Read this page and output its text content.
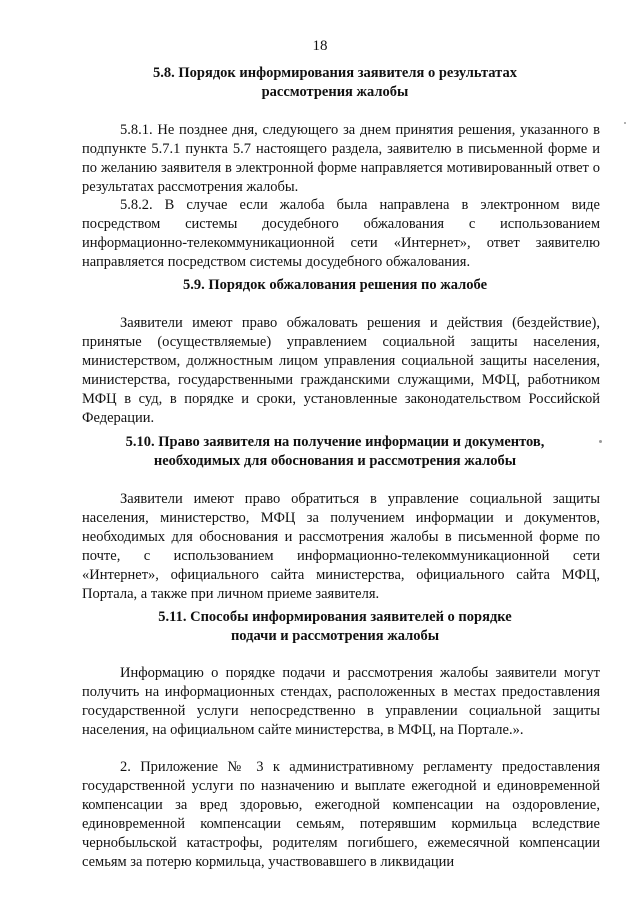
18
5.8. Порядок информирования заявителя о результатах
рассмотрения жалобы
5.8.1. Не позднее дня, следующего за днем принятия решения, указанного в подпункте 5.7.1 пункта 5.7 настоящего раздела, заявителю в письменной форме и по желанию заявителя в электронной форме направляется мотивированный ответ о результатах рассмотрения жалобы.
5.8.2. В случае если жалоба была направлена в электронном виде посредством системы досудебного обжалования с использованием информационно-телекоммуникационной сети «Интернет», ответ заявителю направляется посредством системы досудебного обжалования.
5.9. Порядок обжалования решения по жалобе
Заявители имеют право обжаловать решения и действия (бездействие), принятые (осуществляемые) управлением социальной защиты населения, министерством, должностным лицом управления социальной защиты населения, министерства, государственными гражданскими служащими, МФЦ, работником МФЦ в суд, в порядке и сроки, установленные законодательством Российской Федерации.
5.10. Право заявителя на получение информации и документов,
необходимых для обоснования и рассмотрения жалобы
Заявители имеют право обратиться в управление социальной защиты населения, министерство, МФЦ за получением информации и документов, необходимых для обоснования и рассмотрения жалобы в письменной форме по почте, с использованием информационно-телекоммуникационной сети «Интернет», официального сайта министерства, официального сайта МФЦ, Портала, а также при личном приеме заявителя.
5.11. Способы информирования заявителей о порядке
подачи и рассмотрения жалобы
Информацию о порядке подачи и рассмотрения жалобы заявители могут получить на информационных стендах, расположенных в местах предоставления государственной услуги непосредственно в управлении социальной защиты населения, на официальном сайте министерства, в МФЦ, на Портале.».
2. Приложение № 3 к административному регламенту предоставления государственной услуги по назначению и выплате ежегодной и единовременной компенсации за вред здоровью, ежегодной компенсации на оздоровление, единовременной компенсации семьям, потерявшим кормильца вследствие чернобыльской катастрофы, родителям погибшего, ежемесячной компенсации семьям за потерю кормильца, участвовавшего в ликвидации
